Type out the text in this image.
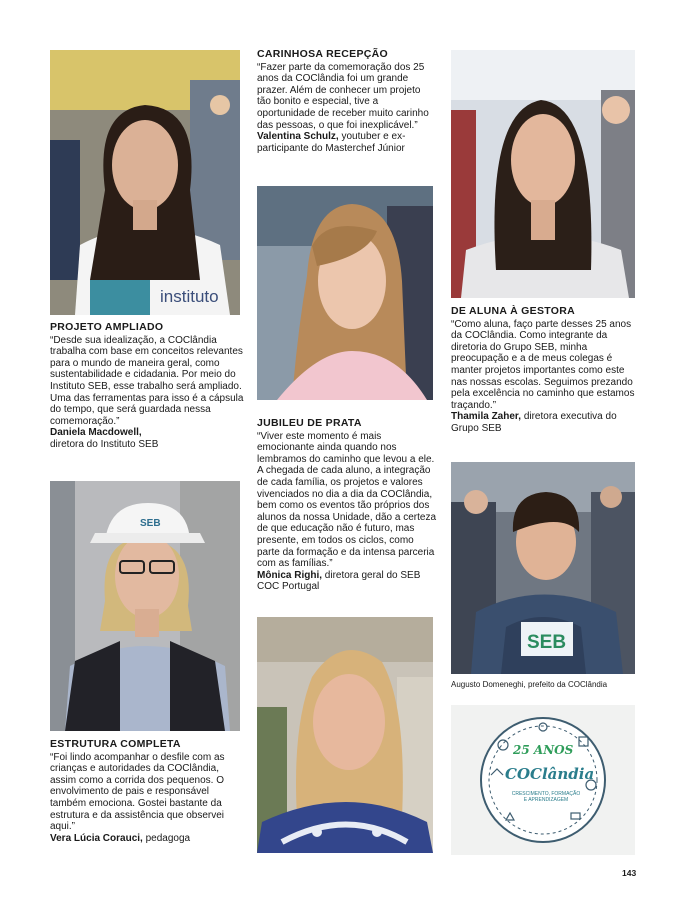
instituto
PROJETO AMPLIADO
“Desde sua idealização, a COClândia trabalha com base em conceitos relevantes para o mundo de maneira geral, como sustentabilidade e cidadania. Por meio do Instituto SEB, esse trabalho será ampliado. Uma das ferramentas para isso é a cápsula do tempo, que será guardada nessa comemoração.”
Daniela Macdowell,
diretora do Instituto SEB
SEB
ESTRUTURA COMPLETA
“Foi lindo acompanhar o desfile com as crianças e autoridades da COClândia, assim como a corrida dos pequenos. O envolvimento de pais e responsável também emociona. Gostei bastante da estrutura e da assistência que observei aqui.”
Vera Lúcia Corauci, pedagoga
CARINHOSA RECEPÇÃO
“Fazer parte da comemoração dos 25 anos da COClândia foi um grande prazer. Além de conhecer um projeto tão bonito e especial, tive a oportunidade de receber muito carinho das pessoas, o que foi inexplicável.”
Valentina Schulz, youtuber e ex-participante do Masterchef Júnior
JUBILEU DE PRATA
“Viver este momento é mais emocionante ainda quando nos lembramos do caminho que levou a ele. A chegada de cada aluno, a integração de cada família, os projetos e valores vivenciados no dia a dia da COClândia, bem como os eventos tão próprios dos alunos da nossa Unidade, dão a certeza de que educação não é futuro, mas presente, em todos os ciclos, como parte da formação e da intensa parceria com as famílias.”
Mônica Righi, diretora geral do SEB COC Portugal
DE ALUNA À GESTORA
“Como aluna, faço parte desses 25 anos da COClândia. Como integrante da diretoria do Grupo SEB, minha preocupação e a de meus colegas é manter projetos importantes como este nas nossas escolas. Seguimos prezando pela excelência no caminho que estamos traçando.”
Thamila Zaher, diretora executiva do Grupo SEB
SEB
Augusto Domeneghi, prefeito da COClândia
25 ANOS
COClândia
CRESCIMENTO, FORMAÇÃO E APRENDIZAGEM
143
